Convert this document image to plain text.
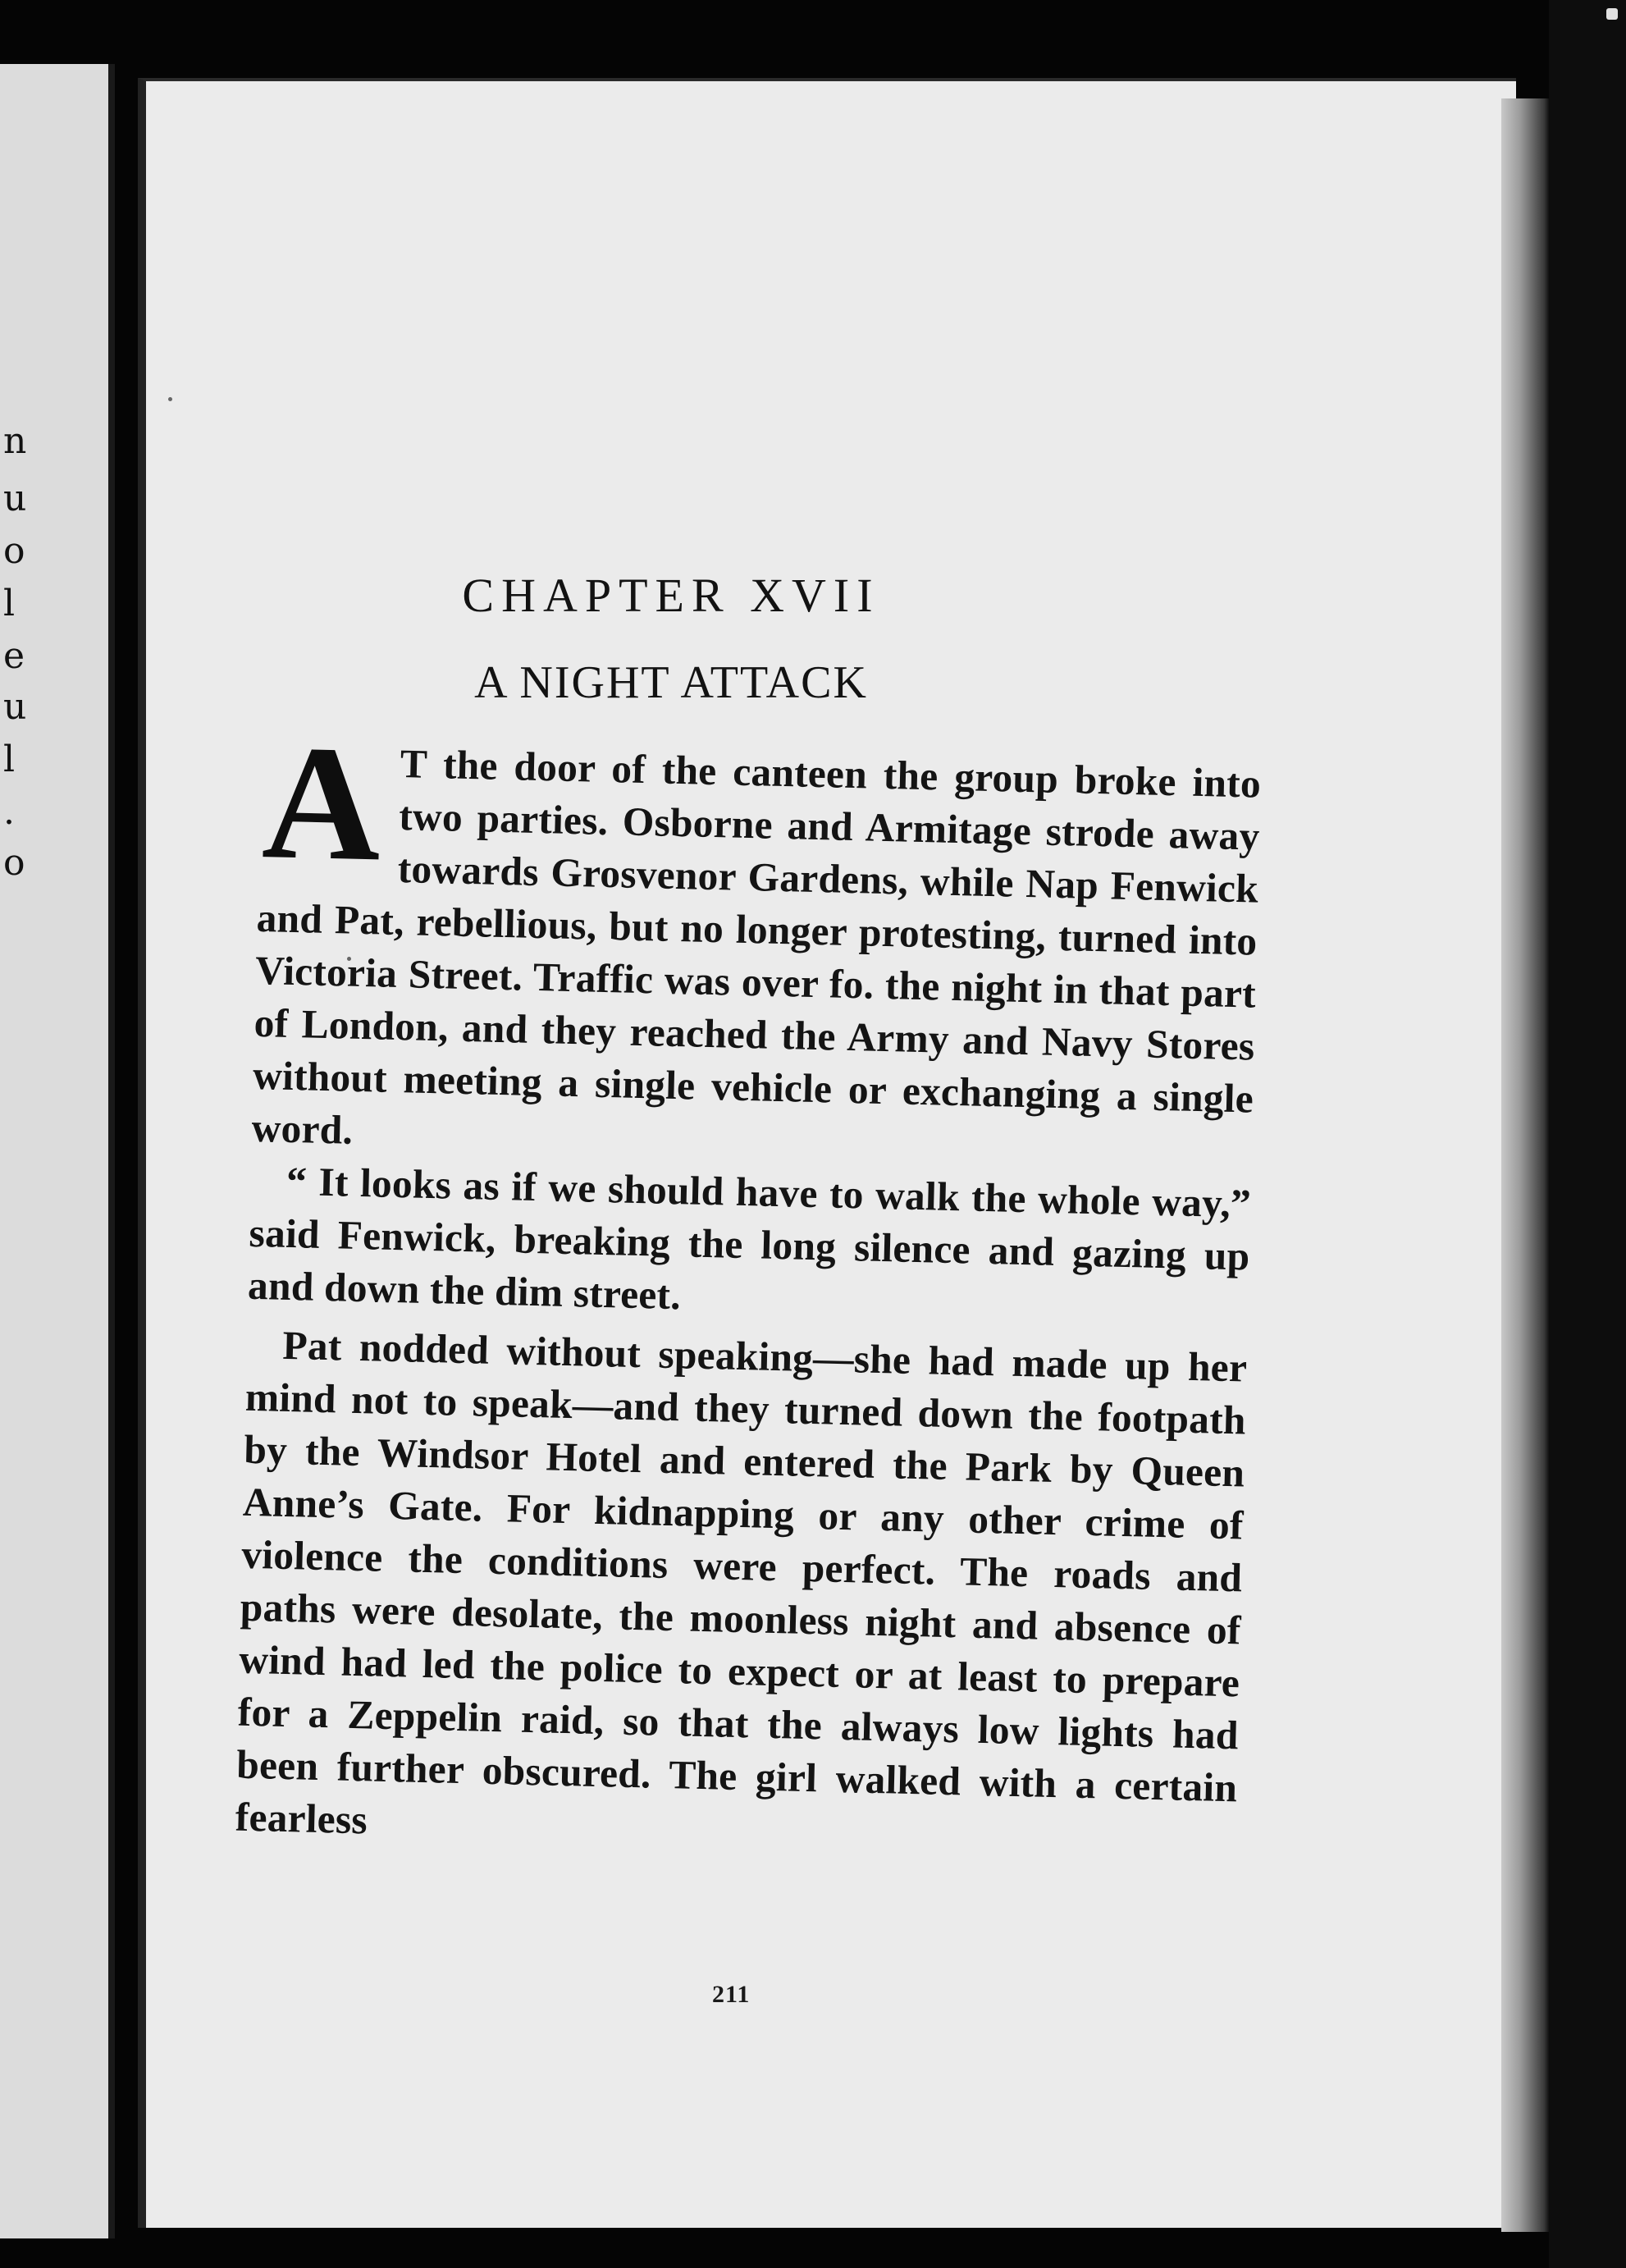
n
u
o
l
e
u
l
.
o
CHAPTER XVII
A NIGHT ATTACK

A T the door of the canteen the group broke into two parties. Osborne and Armitage strode away towards Grosvenor Gardens, while Nap Fenwick and Pat, rebellious, but no longer protesting, turned into Victoria Street. Traffic was over fo. the night in that part of London, and they reached the Army and Navy Stores without meeting a single vehicle or exchanging a single word.

“ It looks as if we should have to walk the whole way,” said Fenwick, breaking the long silence and gazing up and down the dim street.

Pat nodded without speaking—she had made up her mind not to speak—and they turned down the footpath by the Windsor Hotel and entered the Park by Queen Anne’s Gate. For kidnapping or any other crime of violence the conditions were perfect. The roads and paths were desolate, the moonless night and absence of wind had led the police to expect or at least to prepare for a Zeppelin raid, so that the always low lights had been further obscured. The girl walked with a certain fearless

211
